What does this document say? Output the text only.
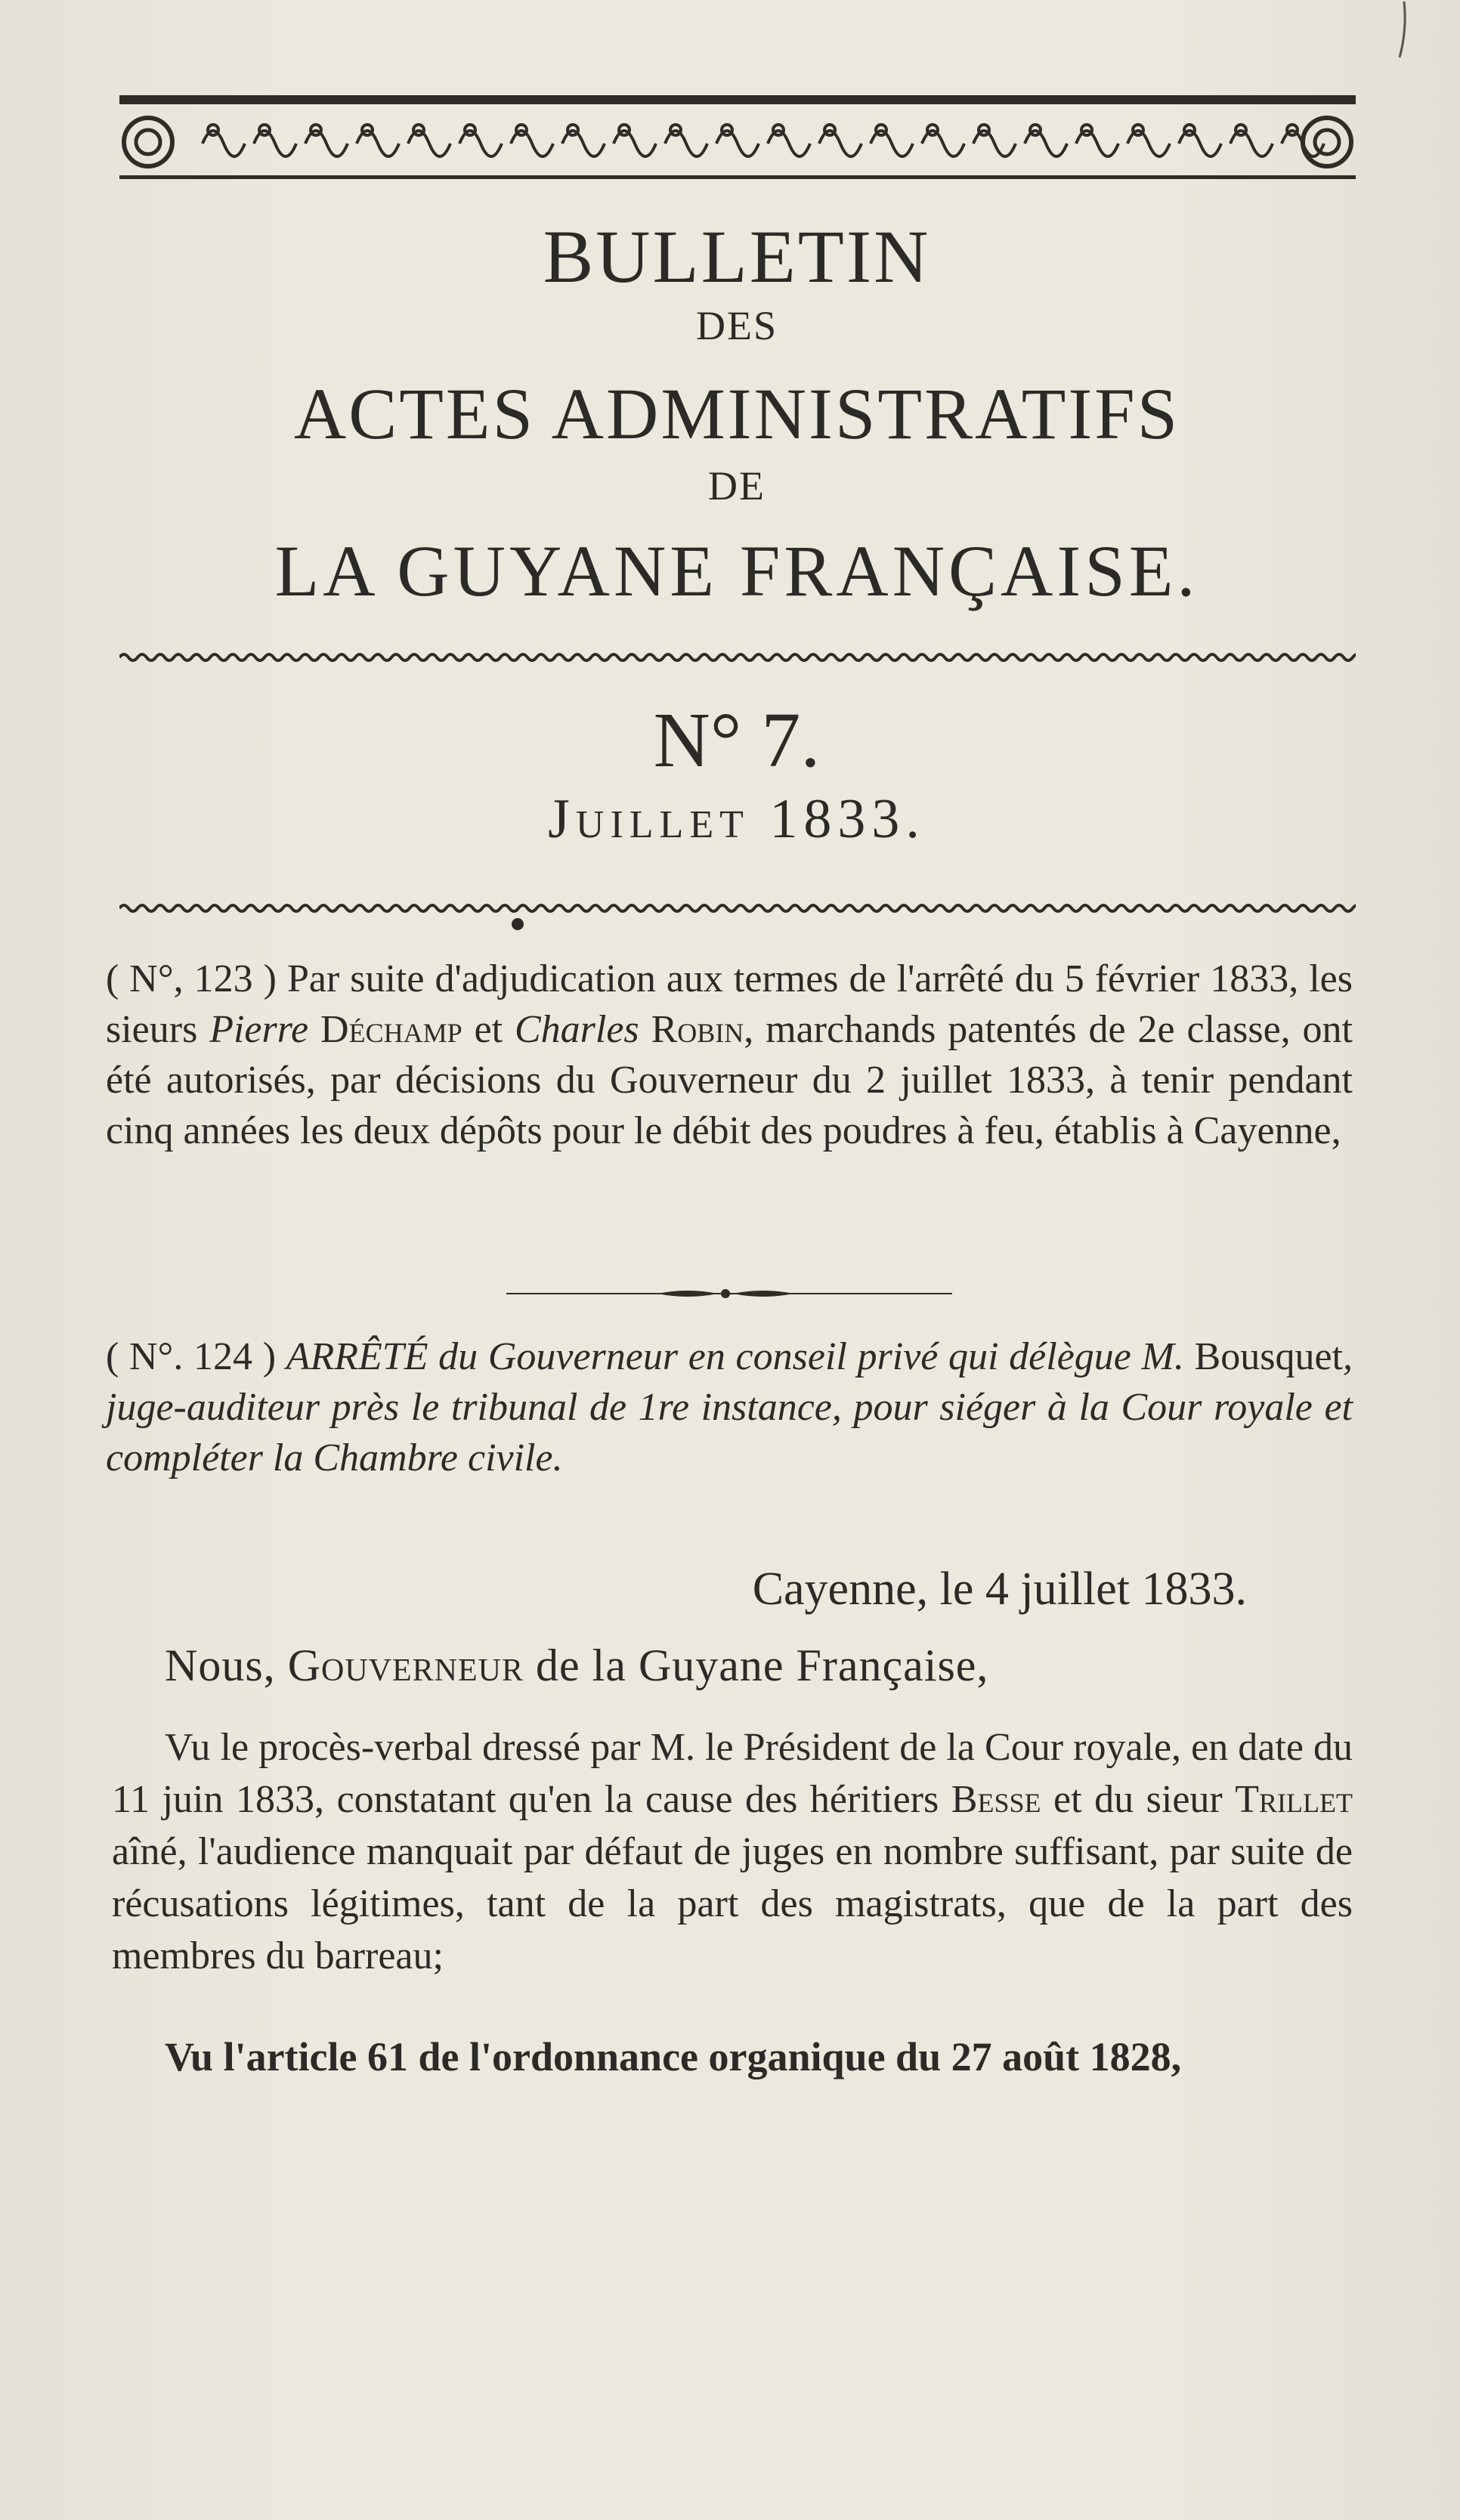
BULLETIN
DES
ACTES ADMINISTRATIFS
DE
LA GUYANE FRANÇAISE.
N° 7.
Juillet 1833.
( N°, 123 ) Par suite d'adjudication aux termes de l'arrêté du 5 février 1833, les sieurs Pierre Déchamp et Charles Robin, marchands patentés de 2e classe, ont été autorisés, par décisions du Gouverneur du 2 juillet 1833, à tenir pendant cinq années les deux dépôts pour le débit des poudres à feu, établis à Cayenne,
( N°. 124 ) ARRÊTÉ du Gouverneur en conseil privé qui délègue M. Bousquet, juge-auditeur près le tribunal de 1re instance, pour siéger à la Cour royale et compléter la Chambre civile.
Cayenne, le 4 juillet 1833.
Nous, Gouverneur de la Guyane Française,
Vu le procès-verbal dressé par M. le Président de la Cour royale, en date du 11 juin 1833, constatant qu'en la cause des héritiers Besse et du sieur Trillet aîné, l'audience manquait par défaut de juges en nombre suffisant, par suite de récusations légitimes, tant de la part des magistrats, que de la part des membres du barreau;
Vu l'article 61 de l'ordonnance organique du 27 août 1828,
